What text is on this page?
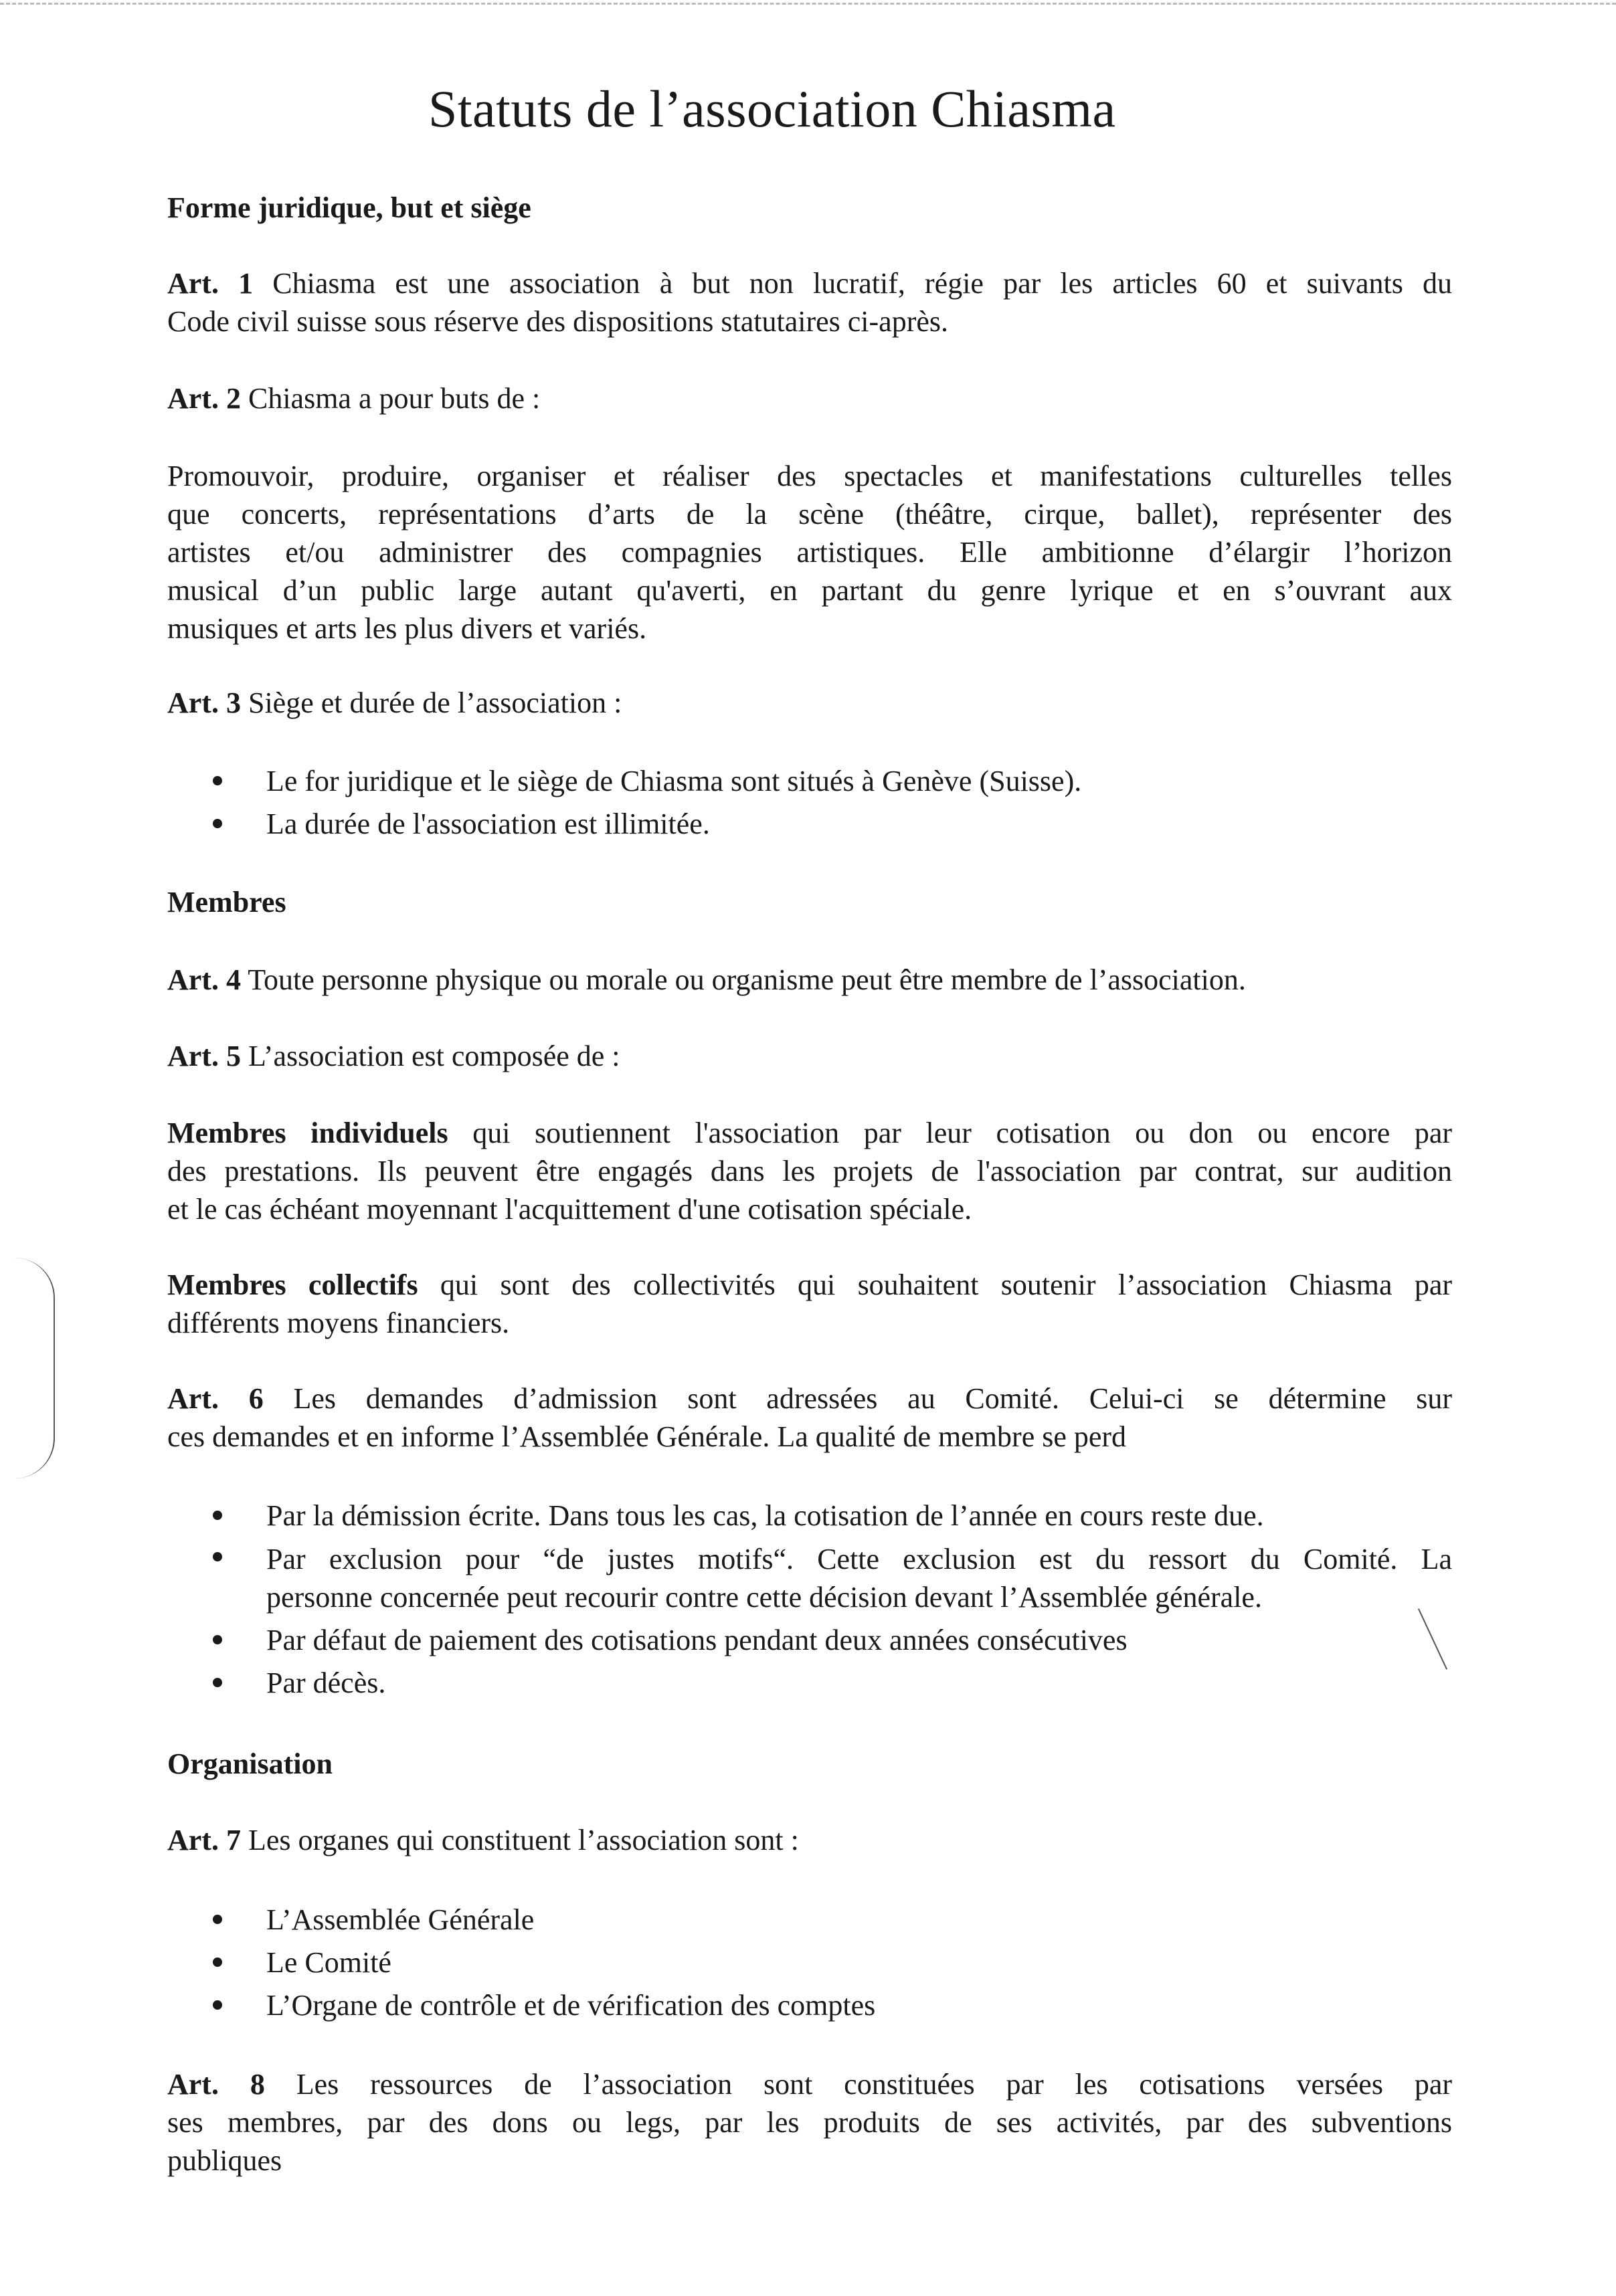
Statuts de l’association Chiasma
Forme juridique, but et siège
Art. 1 Chiasma est une association à but non lucratif, régie par les articles 60 et suivants du
Code civil suisse sous réserve des dispositions statutaires ci-après.
Art. 2 Chiasma a pour buts de :
Promouvoir, produire, organiser et réaliser des spectacles et manifestations culturelles telles
que concerts, représentations d’arts de la scène (théâtre, cirque, ballet), représenter des
artistes et/ou administrer des compagnies artistiques. Elle ambitionne d’élargir l’horizon
musical d’un public large autant qu'averti, en partant du genre lyrique et en s’ouvrant aux
musiques et arts les plus divers et variés.
Art. 3 Siège et durée de l’association :
Le for juridique et le siège de Chiasma sont situés à Genève (Suisse).
La durée de l'association est illimitée.
Membres
Art. 4 Toute personne physique ou morale ou organisme peut être membre de l’association.
Art. 5 L’association est composée de :
Membres individuels qui soutiennent l'association par leur cotisation ou don ou encore par
des prestations. Ils peuvent être engagés dans les projets de l'association par contrat, sur audition
et le cas échéant moyennant l'acquittement d'une cotisation spéciale.
Membres collectifs qui sont des collectivités qui souhaitent soutenir l’association Chiasma par
différents moyens financiers.
Art. 6 Les demandes d’admission sont adressées au Comité. Celui-ci se détermine sur
ces demandes et en informe l’Assemblée Générale. La qualité de membre se perd
Par la démission écrite. Dans tous les cas, la cotisation de l’année en cours reste due.
Par exclusion pour “de justes motifs“. Cette exclusion est du ressort du Comité. La
personne concernée peut recourir contre cette décision devant l’Assemblée générale.
Par défaut de paiement des cotisations pendant deux années consécutives
Par décès.
Organisation
Art. 7 Les organes qui constituent l’association sont :
L’Assemblée Générale
Le Comité
L’Organe de contrôle et de vérification des comptes
Art. 8 Les ressources de l’association sont constituées par les cotisations versées par
ses membres, par des dons ou legs, par les produits de ses activités, par des subventions
publiques
